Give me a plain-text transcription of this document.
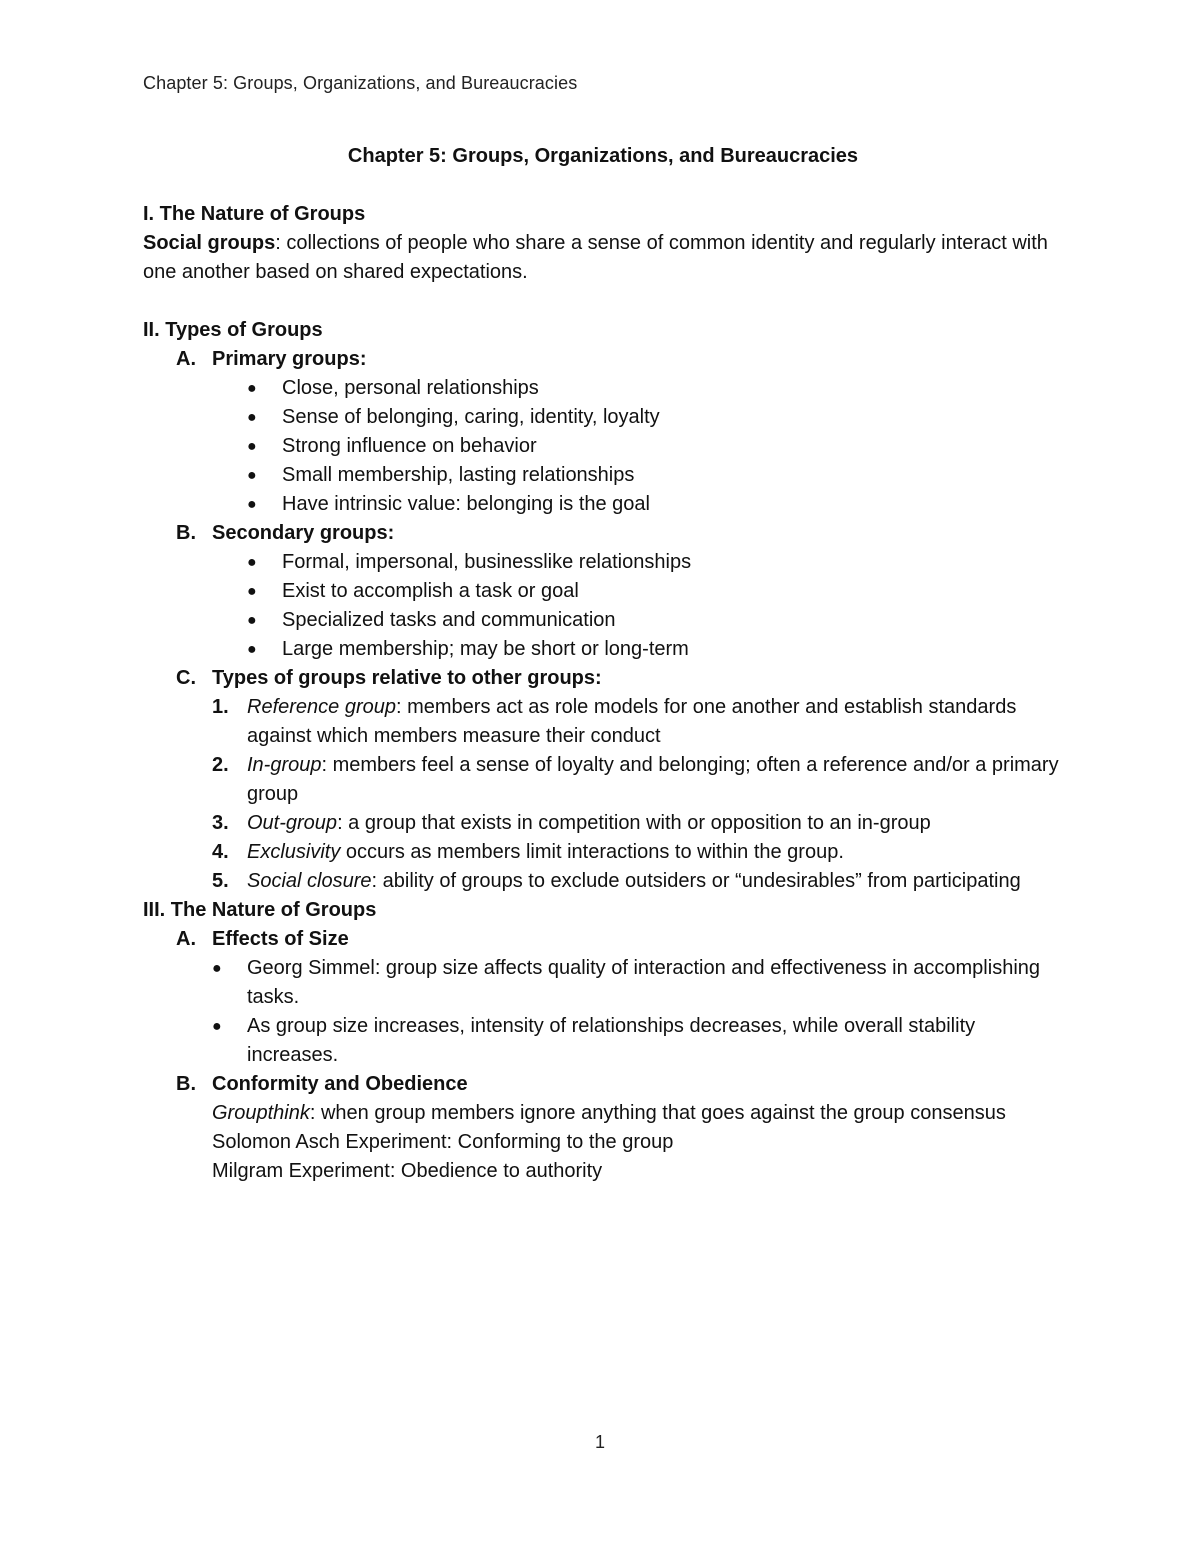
Chapter 5: Groups, Organizations, and Bureaucracies

Chapter 5: Groups, Organizations, and Bureaucracies

I. The Nature of Groups

Social groups: collections of people who share a sense of common identity and regularly interact with one another based on shared expectations.

II. Types of Groups

A. Primary groups:
●	Close, personal relationships
●	Sense of belonging, caring, identity, loyalty
●	Strong influence on behavior
●	Small membership, lasting relationships
●	Have intrinsic value: belonging is the goal
B. Secondary groups:
●	Formal, impersonal, businesslike relationships
●	Exist to accomplish a task or goal
●	Specialized tasks and communication
●	Large membership; may be short or long-term
C. Types of groups relative to other groups:
1. Reference group: members act as role models for one another and establish standards against which members measure their conduct
2. In-group: members feel a sense of loyalty and belonging; often a reference and/or a primary group
3. Out-group: a group that exists in competition with or opposition to an in-group
4. Exclusivity occurs as members limit interactions to within the group.
5. Social closure: ability of groups to exclude outsiders or “undesirables” from participating

III. The Nature of Groups

A. Effects of Size
●	Georg Simmel: group size affects quality of interaction and effectiveness in accomplishing tasks.
●	As group size increases, intensity of relationships decreases, while overall stability increases.
B. Conformity and Obedience

Groupthink: when group members ignore anything that goes against the group consensus

Solomon Asch Experiment: Conforming to the group

Milgram Experiment: Obedience to authority

1
